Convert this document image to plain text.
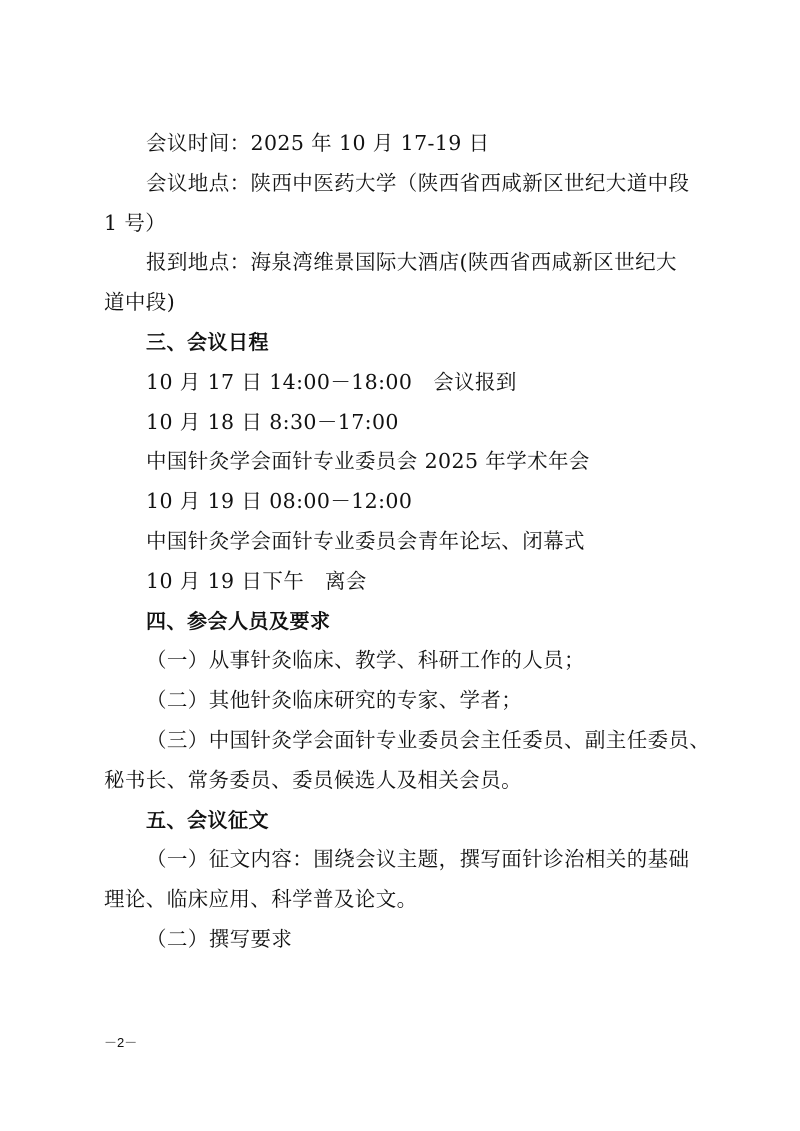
会议时间：2025 年 10 月 17-19 日

会议地点：陕西中医药大学（陕西省西咸新区世纪大道中段

1 号）

报到地点：海泉湾维景国际大酒店(陕西省西咸新区世纪大

道中段)

三、会议日程

10 月 17 日 14:00－18:00　会议报到

10 月 18 日 8:30－17:00

中国针灸学会面针专业委员会 2025 年学术年会

10 月 19 日 08:00－12:00

中国针灸学会面针专业委员会青年论坛、闭幕式

10 月 19 日下午　离会

四、参会人员及要求

（一）从事针灸临床、教学、科研工作的人员；

（二）其他针灸临床研究的专家、学者；

（三）中国针灸学会面针专业委员会主任委员、副主任委员、

秘书长、常务委员、委员候选人及相关会员。

五、会议征文

（一）征文内容：围绕会议主题，撰写面针诊治相关的基础

理论、临床应用、科学普及论文。

（二）撰写要求

－2－
